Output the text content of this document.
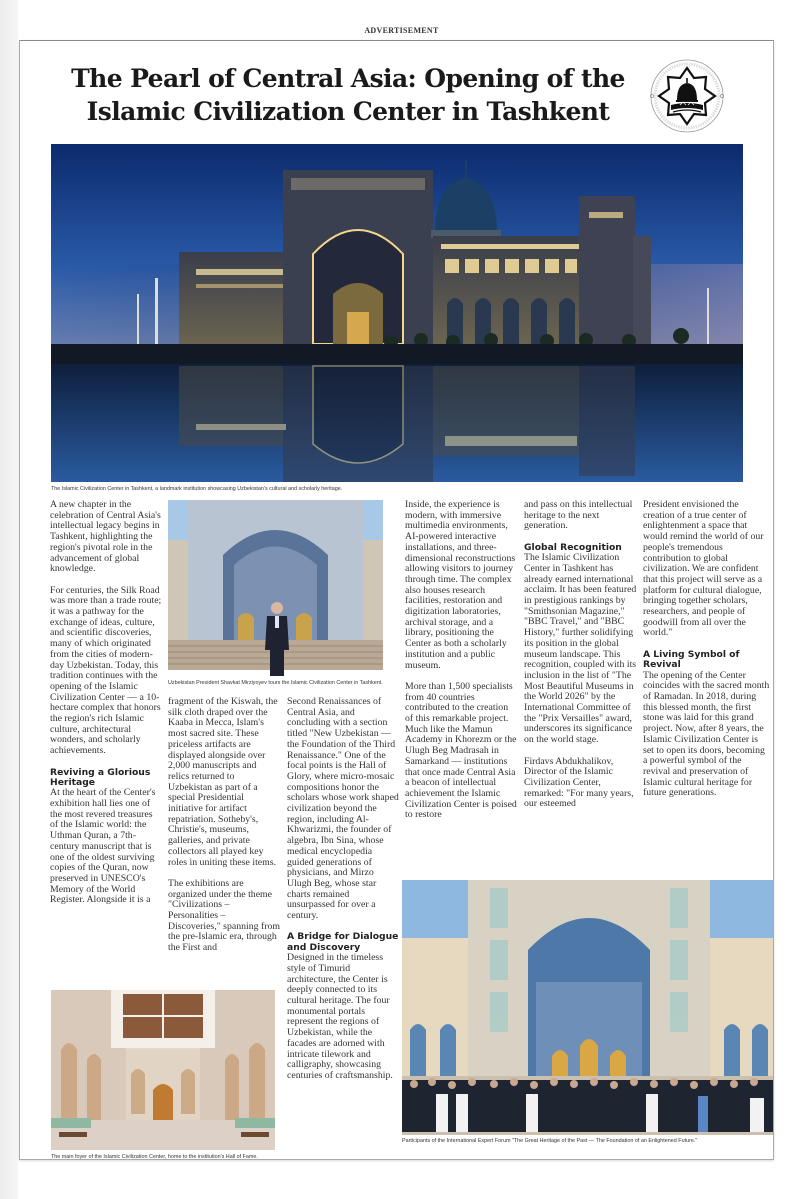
ADVERTISEMENT
The Pearl of Central Asia: Opening of the
Islamic Civilization Center in Tashkent
The Islamic Civilization Center in Tashkent, a landmark institution showcasing Uzbekistan's cultural and scholarly heritage.

A new chapter in the celebration of Central Asia's intellectual legacy begins in Tashkent, highlighting the region's pivotal role in the advancement of global knowledge.

For centuries, the Silk Road was more than a trade route; it was a pathway for the exchange of ideas, culture, and scientific discoveries, many of which originated from the cities of modern-day Uzbekistan. Today, this tradition continues with the opening of the Islamic Civilization Center — a 10-hectare complex that honors the region's rich Islamic culture, architectural wonders, and scholarly achievements.

Reviving a Glorious Heritage

At the heart of the Center's exhibition hall lies one of the most revered treasures of the Islamic world: the Uthman Quran, a 7th-century manuscript that is one of the oldest surviving copies of the Quran, now preserved in UNESCO's Memory of the World Register. Alongside it is a

Uzbekistan President Shavkat Mirziyoyev tours the Islamic Civilization Center in Tashkent.

fragment of the Kiswah, the silk cloth draped over the Kaaba in Mecca, Islam's most sacred site. These priceless artifacts are displayed alongside over 2,000 manuscripts and relics returned to Uzbekistan as part of a special Presidential initiative for artifact repatriation. Sotheby's, Christie's, museums, galleries, and private collectors all played key roles in uniting these items.

The exhibitions are organized under the theme "Civilizations – Personalities – Discoveries," spanning from the pre-Islamic era, through the First and

Second Renaissances of Central Asia, and concluding with a section titled "New Uzbekistan — the Foundation of the Third Renaissance." One of the focal points is the Hall of Glory, where micro-mosaic compositions honor the scholars whose work shaped civilization beyond the region, including Al-Khwarizmi, the founder of algebra, Ibn Sina, whose medical encyclopedia guided generations of physicians, and Mirzo Ulugh Beg, whose star charts remained unsurpassed for over a century.

A Bridge for Dialogue and Discovery

Designed in the timeless style of Timurid architecture, the Center is deeply connected to its cultural heritage. The four monumental portals represent the regions of Uzbekistan, while the facades are adorned with intricate tilework and calligraphy, showcasing centuries of craftsmanship.

Inside, the experience is modern, with immersive multimedia environments, AI-powered interactive installations, and three-dimensional reconstructions allowing visitors to journey through time. The complex also houses research facilities, restoration and digitization laboratories, archival storage, and a library, positioning the Center as both a scholarly institution and a public museum.

More than 1,500 specialists from 40 countries contributed to the creation of this remarkable project. Much like the Mamun Academy in Khorezm or the Ulugh Beg Madrasah in Samarkand — institutions that once made Central Asia a beacon of intellectual achievement the Islamic Civilization Center is poised to restore

and pass on this intellectual heritage to the next generation.

Global Recognition

The Islamic Civilization Center in Tashkent has already earned international acclaim. It has been featured in prestigious rankings by "Smithsonian Magazine," "BBC Travel," and "BBC History," further solidifying its position in the global museum landscape. This recognition, coupled with its inclusion in the list of "The Most Beautiful Museums in the World 2026" by the International Committee of the "Prix Versailles" award, underscores its significance on the world stage.

Firdavs Abdukhalikov, Director of the Islamic Civilization Center, remarked: "For many years, our esteemed

President envisioned the creation of a true center of enlightenment a space that would remind the world of our people's tremendous contribution to global civilization. We are confident that this project will serve as a platform for cultural dialogue, bringing together scholars, researchers, and people of goodwill from all over the world."

A Living Symbol of Revival

The opening of the Center coincides with the sacred month of Ramadan. In 2018, during this blessed month, the first stone was laid for this grand project. Now, after 8 years, the Islamic Civilization Center is set to open its doors, becoming a powerful symbol of the revival and preservation of Islamic cultural heritage for future generations.

The main foyer of the Islamic Civilization Center, home to the institution's Hall of Fame.
Participants of the International Expert Forum "The Great Heritage of the Past — The Foundation of an Enlightened Future."
